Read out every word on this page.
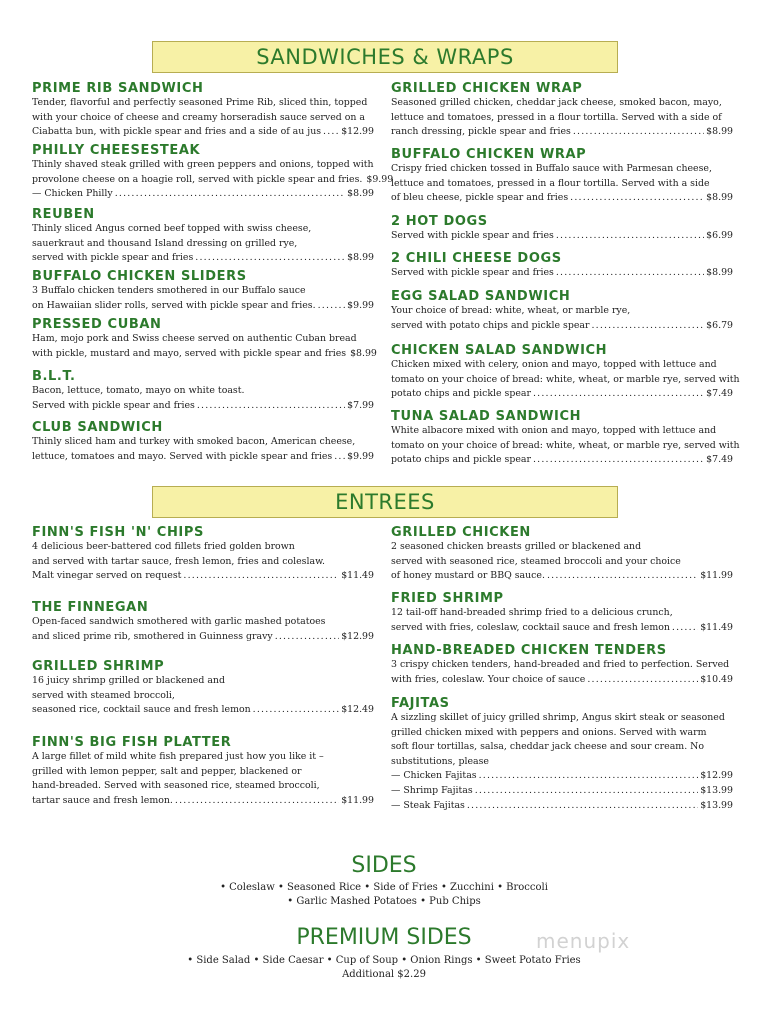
SANDWICHES & WRAPS
PRIME RIB SANDWICH
Tender, flavorful and perfectly seasoned Prime Rib, sliced thin, topped
with your choice of cheese and creamy horseradish sauce served on a
Ciabatta bun, with pickle spear and fries and a side of au jus ..... $12.99
PHILLY CHEESESTEAK
Thinly shaved steak grilled with green peppers and onions, topped with
provolone cheese on a hoagie roll, served with pickle spear and fries. $9.99
— Chicken Philly .....	$8.99
REUBEN
Thinly sliced Angus corned beef topped with swiss cheese,
sauerkraut and thousand Island dressing on grilled rye,
served with pickle spear and fries .....	$8.99
BUFFALO CHICKEN SLIDERS
3 Buffalo chicken tenders smothered in our Buffalo sauce
on Hawaiian slider rolls, served with pickle spear and fries. .....	$9.99
PRESSED CUBAN
Ham, mojo pork and Swiss cheese served on authentic Cuban bread
with pickle, mustard and mayo, served with pickle spear and fries $8.99
B.L.T.
Bacon, lettuce, tomato, mayo on white toast.
Served with pickle spear and fries .....	$7.99
CLUB SANDWICH
Thinly sliced ham and turkey with smoked bacon, American cheese,
lettuce, tomatoes and mayo. Served with pickle spear and fries ..... $9.99
GRILLED CHICKEN WRAP
Seasoned grilled chicken, cheddar jack cheese, smoked bacon, mayo,
lettuce and tomatoes, pressed in a flour tortilla. Served with a side of
ranch dressing, pickle spear and fries .....	$8.99
BUFFALO CHICKEN WRAP
Crispy fried chicken tossed in Buffalo sauce with Parmesan cheese,
lettuce and tomatoes, pressed in a flour tortilla. Served with a side
of bleu cheese, pickle spear and fries .....	$8.99
2 HOT DOGS
Served with pickle spear and fries .....	$6.99
2 CHILI CHEESE DOGS
Served with pickle spear and fries .....	$8.99
EGG SALAD SANDWICH
Your choice of bread: white, wheat, or marble rye,
served with potato chips and pickle spear .....	$6.79
CHICKEN SALAD SANDWICH
Chicken mixed with celery, onion and mayo, topped with lettuce and
tomato on your choice of bread: white, wheat, or marble rye, served with
potato chips and pickle spear .....	$7.49
TUNA SALAD SANDWICH
White albacore mixed with onion and mayo, topped with lettuce and
tomato on your choice of bread: white, wheat, or marble rye, served with
potato chips and pickle spear .....	$7.49
ENTREES
FINN'S FISH 'N' CHIPS
4 delicious beer-battered cod fillets fried golden brown
and served with tartar sauce, fresh lemon, fries and coleslaw.
Malt vinegar served on request .....	$11.49
THE FINNEGAN
Open-faced sandwich smothered with garlic mashed potatoes
and sliced prime rib, smothered in Guinness gravy .....	$12.99
GRILLED SHRIMP
16 juicy shrimp grilled or blackened and
served with steamed broccoli,
seasoned rice, cocktail sauce and fresh lemon .....	$12.49
FINN'S BIG FISH PLATTER
A large fillet of mild white fish prepared just how you like it –
grilled with lemon pepper, salt and pepper, blackened or
hand-breaded. Served with seasoned rice, steamed broccoli,
tartar sauce and fresh lemon. .....	$11.99
GRILLED CHICKEN
2 seasoned chicken breasts grilled or blackened and
served with seasoned rice, steamed broccoli and your choice
of honey mustard or BBQ sauce. .....	$11.99
FRIED SHRIMP
12 tail-off hand-breaded shrimp fried to a delicious crunch,
served with fries, coleslaw, cocktail sauce and fresh lemon .....	$11.49
HAND-BREADED CHICKEN TENDERS
3 crispy chicken tenders, hand-breaded and fried to perfection. Served
with fries, coleslaw. Your choice of sauce .....	$10.49
FAJITAS
A sizzling skillet of juicy grilled shrimp, Angus skirt steak or seasoned
grilled chicken mixed with peppers and onions. Served with warm
soft flour tortillas, salsa, cheddar jack cheese and sour cream. No
substitutions, please
— Chicken Fajitas .....	$12.99
— Shrimp Fajitas .....	$13.99
— Steak Fajitas .....	$13.99
SIDES
• Coleslaw • Seasoned Rice • Side of Fries • Zucchini • Broccoli
• Garlic Mashed Potatoes • Pub Chips
PREMIUM SIDES
• Side Salad • Side Caesar • Cup of Soup • Onion Rings • Sweet Potato Fries
Additional $2.29
menupix
